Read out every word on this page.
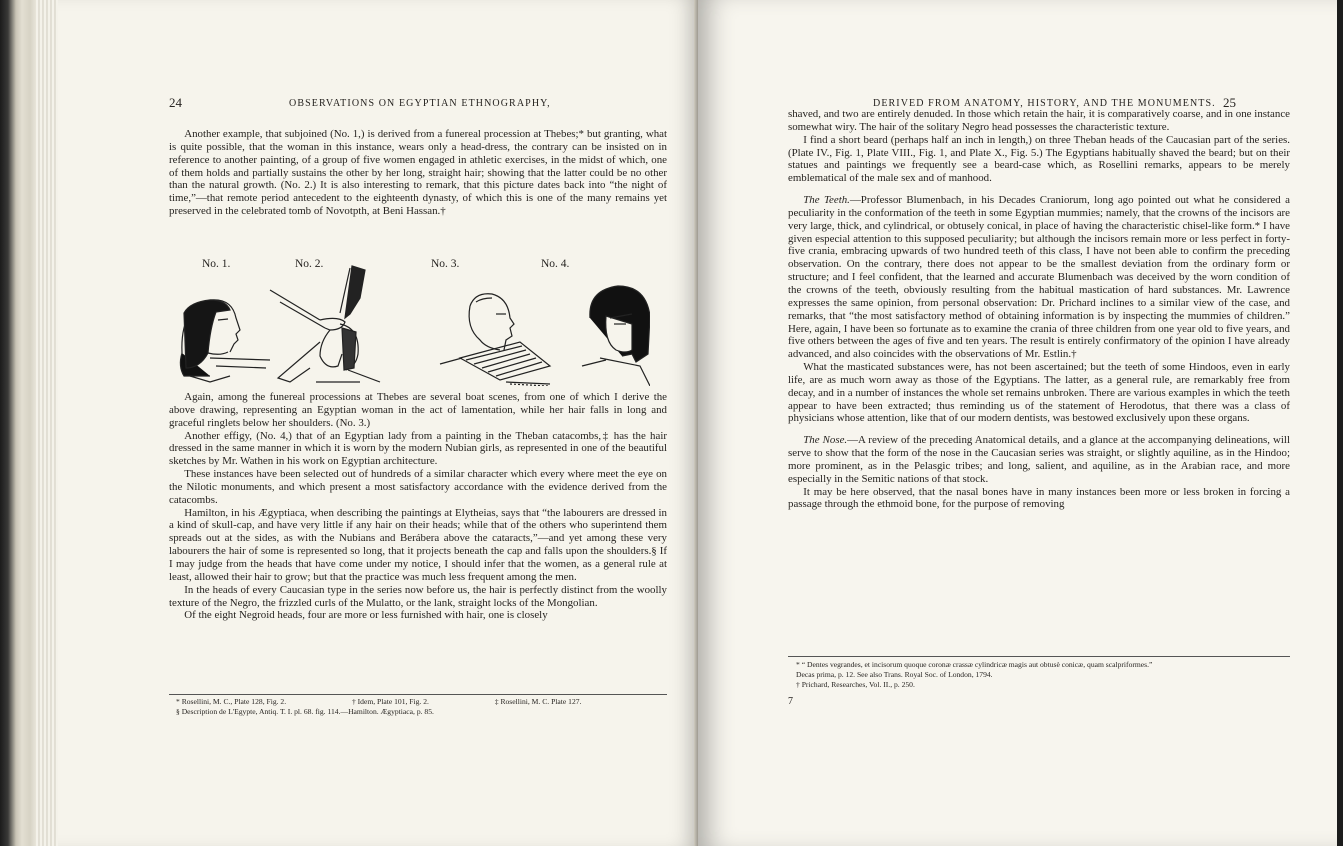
24	OBSERVATIONS ON EGYPTIAN ETHNOGRAPHY,

Another example, that subjoined (No. 1,) is derived from a funereal procession at Thebes;* but granting, what is quite possible, that the woman in this instance, wears only a head-dress, the contrary can be insisted on in reference to another painting, of a group of five women engaged in athletic exercises, in the midst of which, one of them holds and partially sustains the other by her long, straight hair; showing that the latter could be no other than the natural growth. (No. 2.) It is also interesting to remark, that this picture dates back into “the night of time,”—that remote period antecedent to the eighteenth dynasty, of which this is one of the many remains yet preserved in the celebrated tomb of Novotpth, at Beni Hassan.†

No. 1.	No. 2.	No. 3.	No. 4.

Again, among the funereal processions at Thebes are several boat scenes, from one of which I derive the above drawing, representing an Egyptian woman in the act of lamentation, while her hair falls in long and graceful ringlets below her shoulders. (No. 3.)

Another effigy, (No. 4,) that of an Egyptian lady from a painting in the Theban catacombs,‡ has the hair dressed in the same manner in which it is worn by the modern Nubian girls, as represented in one of the beautiful sketches by Mr. Wathen in his work on Egyptian architecture.

These instances have been selected out of hundreds of a similar character which every where meet the eye on the Nilotic monuments, and which present a most satisfactory accordance with the evidence derived from the catacombs.

Hamilton, in his Ægyptiaca, when describing the paintings at Elytheias, says that “the labourers are dressed in a kind of skull-cap, and have very little if any hair on their heads; while that of the others who superintend them spreads out at the sides, as with the Nubians and Berábera above the cataracts,”—and yet among these very labourers the hair of some is represented so long, that it projects beneath the cap and falls upon the shoulders.§ If I may judge from the heads that have come under my notice, I should infer that the women, as a general rule at least, allowed their hair to grow; but that the practice was much less frequent among the men.

In the heads of every Caucasian type in the series now before us, the hair is perfectly distinct from the woolly texture of the Negro, the frizzled curls of the Mulatto, or the lank, straight locks of the Mongolian.

Of the eight Negroid heads, four are more or less furnished with hair, one is closely

* Rosellini, M. C., Plate 128, Fig. 2.	† Idem, Plate 101, Fig. 2.	‡ Rosellini, M. C. Plate 127.
§ Description de L'Egypte, Antiq. T. I. pl. 68. fig. 114.—Hamilton. Ægyptiaca, p. 85.
DERIVED FROM ANATOMY, HISTORY, AND THE MONUMENTS. 25

shaved, and two are entirely denuded. In those which retain the hair, it is comparatively coarse, and in one instance somewhat wiry. The hair of the solitary Negro head possesses the characteristic texture.

I find a short beard (perhaps half an inch in length,) on three Theban heads of the Caucasian part of the series. (Plate IV., Fig. 1, Plate VIII., Fig. 1, and Plate X., Fig. 5.) The Egyptians habitually shaved the beard; but on their statues and paintings we frequently see a beard-case which, as Rosellini remarks, appears to be merely emblematical of the male sex and of manhood.

The Teeth.—Professor Blumenbach, in his Decades Craniorum, long ago pointed out what he considered a peculiarity in the conformation of the teeth in some Egyptian mummies; namely, that the crowns of the incisors are very large, thick, and cylindrical, or obtusely conical, in place of having the characteristic chisel-like form.* I have given especial attention to this supposed peculiarity; but although the incisors remain more or less perfect in forty-five crania, embracing upwards of two hundred teeth of this class, I have not been able to confirm the preceding observation. On the contrary, there does not appear to be the smallest deviation from the ordinary form or structure; and I feel confident, that the learned and accurate Blumenbach was deceived by the worn condition of the crowns of the teeth, obviously resulting from the habitual mastication of hard substances. Mr. Lawrence expresses the same opinion, from personal observation: Dr. Prichard inclines to a similar view of the case, and remarks, that “the most satisfactory method of obtaining information is by inspecting the mummies of children.” Here, again, I have been so fortunate as to examine the crania of three children from one year old to five years, and five others between the ages of five and ten years. The result is entirely confirmatory of the opinion I have already advanced, and also coincides with the observations of Mr. Estlin.†

What the masticated substances were, has not been ascertained; but the teeth of some Hindoos, even in early life, are as much worn away as those of the Egyptians. The latter, as a general rule, are remarkably free from decay, and in a number of instances the whole set remains unbroken. There are various examples in which the teeth appear to have been extracted; thus reminding us of the statement of Herodotus, that there was a class of physicians whose attention, like that of our modern dentists, was bestowed exclusively upon these organs.

The Nose.—A review of the preceding Anatomical details, and a glance at the accompanying delineations, will serve to show that the form of the nose in the Caucasian series was straight, or slightly aquiline, as in the Hindoo; more prominent, as in the Pelasgic tribes; and long, salient, and aquiline, as in the Arabian race, and more especially in the Semitic nations of that stock.

It may be here observed, that the nasal bones have in many instances been more or less broken in forcing a passage through the ethmoid bone, for the purpose of removing

* “ Dentes vegrandes, et incisorum quoque coronæ crassæ cylindricæ magis aut obtusè conicæ, quam scalpriformes.”
Decas prima, p. 12. See also Trans. Royal Soc. of London, 1794.
† Prichard, Researches, Vol. II., p. 250.
7
